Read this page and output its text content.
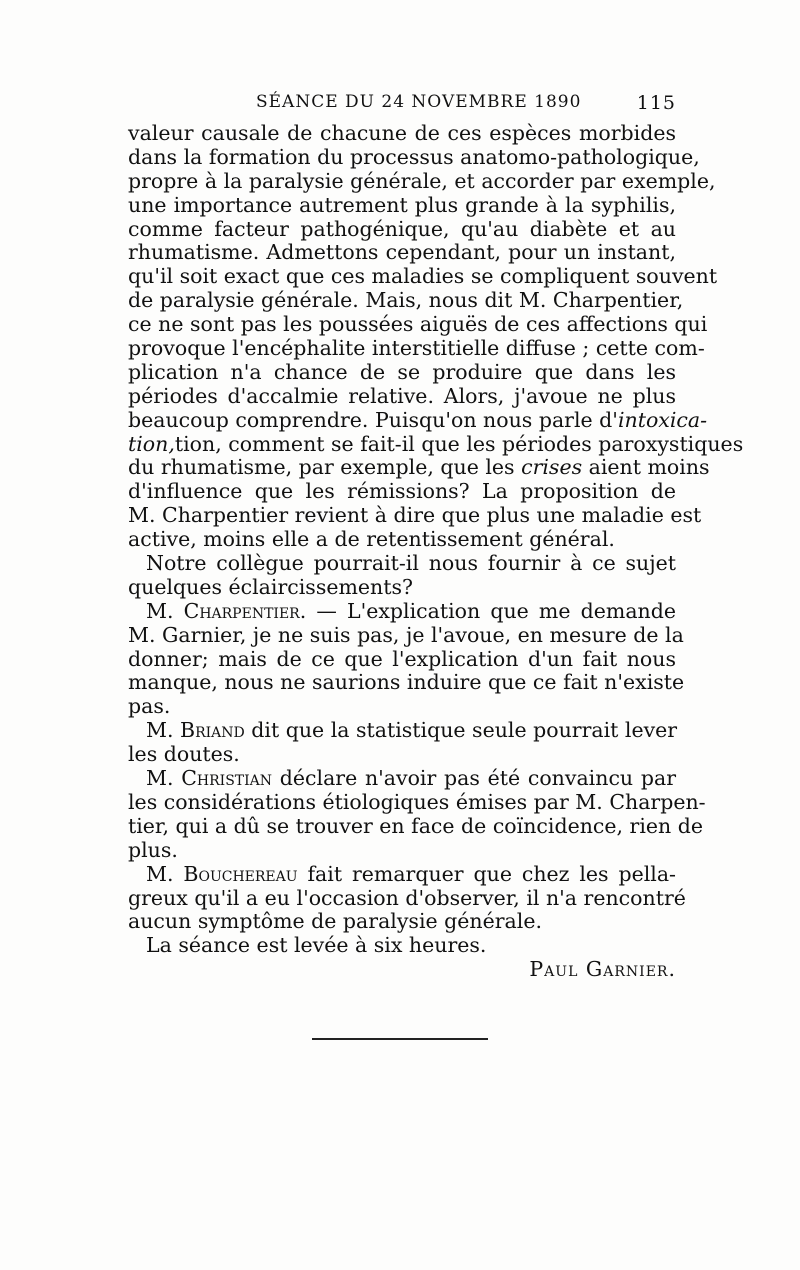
SÉANCE DU 24 NOVEMBRE 1890	115
valeur causale de chacune de ces espèces morbides
dans la formation du processus anatomo-pathologique,
propre à la paralysie générale, et accorder par exemple,
une importance autrement plus grande à la syphilis,
comme facteur pathogénique, qu'au diabète et au
rhumatisme. Admettons cependant, pour un instant,
qu'il soit exact que ces maladies se compliquent souvent
de paralysie générale. Mais, nous dit M. Charpentier,
ce ne sont pas les poussées aiguës de ces affections qui
provoque l'encéphalite interstitielle diffuse ; cette com-
plication n'a chance de se produire que dans les
périodes d'accalmie relative. Alors, j'avoue ne plus
beaucoup comprendre. Puisqu'on nous parle d'intoxica-
tion,tion, comment se fait-il que les périodes paroxystiques
du rhumatisme, par exemple, que les crises aient moins
d'influence que les rémissions? La proposition de
M. Charpentier revient à dire que plus une maladie est
active, moins elle a de retentissement général.
Notre collègue pourrait-il nous fournir à ce sujet
quelques éclaircissements?
M. Charpentier. — L'explication que me demande
M. Garnier, je ne suis pas, je l'avoue, en mesure de la
donner; mais de ce que l'explication d'un fait nous
manque, nous ne saurions induire que ce fait n'existe
pas.
M. Briand dit que la statistique seule pourrait lever
les doutes.
M. Christian déclare n'avoir pas été convaincu par
les considérations étiologiques émises par M. Charpen-
tier, qui a dû se trouver en face de coïncidence, rien de
plus.
M. Bouchereau fait remarquer que chez les pella-
greux qu'il a eu l'occasion d'observer, il n'a rencontré
aucun symptôme de paralysie générale.
La séance est levée à six heures.
Paul Garnier.
